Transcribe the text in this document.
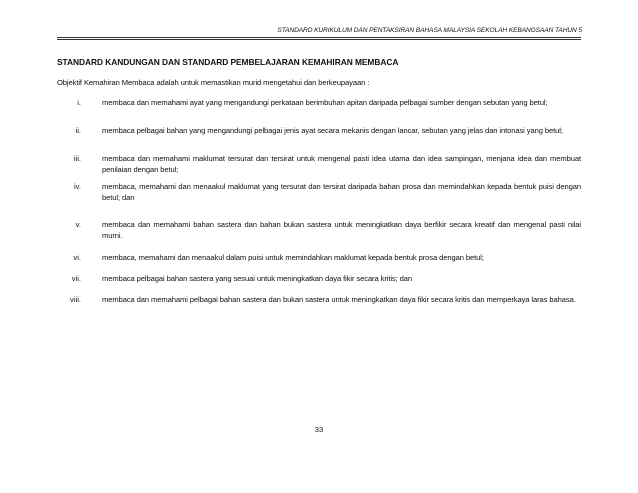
STANDARD KURIKULUM DAN PENTAKSIRAN BAHASA MALAYSIA SEKOLAH KEBANGSAAN TAHUN 5
STANDARD KANDUNGAN DAN STANDARD PEMBELAJARAN KEMAHIRAN MEMBACA
Objektif Kemahiran Membaca adalah untuk memastikan murid mengetahui dan berkeupayaan :
i.	membaca dan memahami ayat yang mengandungi perkataan berimbuhan apitan daripada pelbagai sumber dengan sebutan yang betul;
ii.	membaca pelbagai bahan yang mengandungi pelbagai jenis ayat secara mekanis dengan lancar, sebutan yang jelas dan intonasi yang betul;
iii.	membaca dan memahami maklumat tersurat dan tersirat untuk mengenal pasti idea utama dan idea sampingan, menjana idea dan membuat penilaian dengan betul;
iv.	membaca, memahami dan menaakul maklumat yang tersurat dan tersirat daripada bahan prosa dan memindahkan kepada bentuk puisi dengan betul; dan
v.	membaca dan memahami bahan sastera dan bahan bukan sastera untuk meningkatkan daya berfikir secara kreatif dan mengenal pasti nilai murni.
vi.	membaca, memahami dan menaakul dalam puisi untuk memindahkan maklumat kepada bentuk prosa dengan betul;
vii.	membaca pelbagai bahan sastera yang sesuai untuk meningkatkan daya fikir secara kritis; dan
viii.	membaca dan memahami pelbagai bahan sastera dan bukan sastera untuk meningkatkan daya fikir secara kritis dan memperkaya laras bahasa.
33
